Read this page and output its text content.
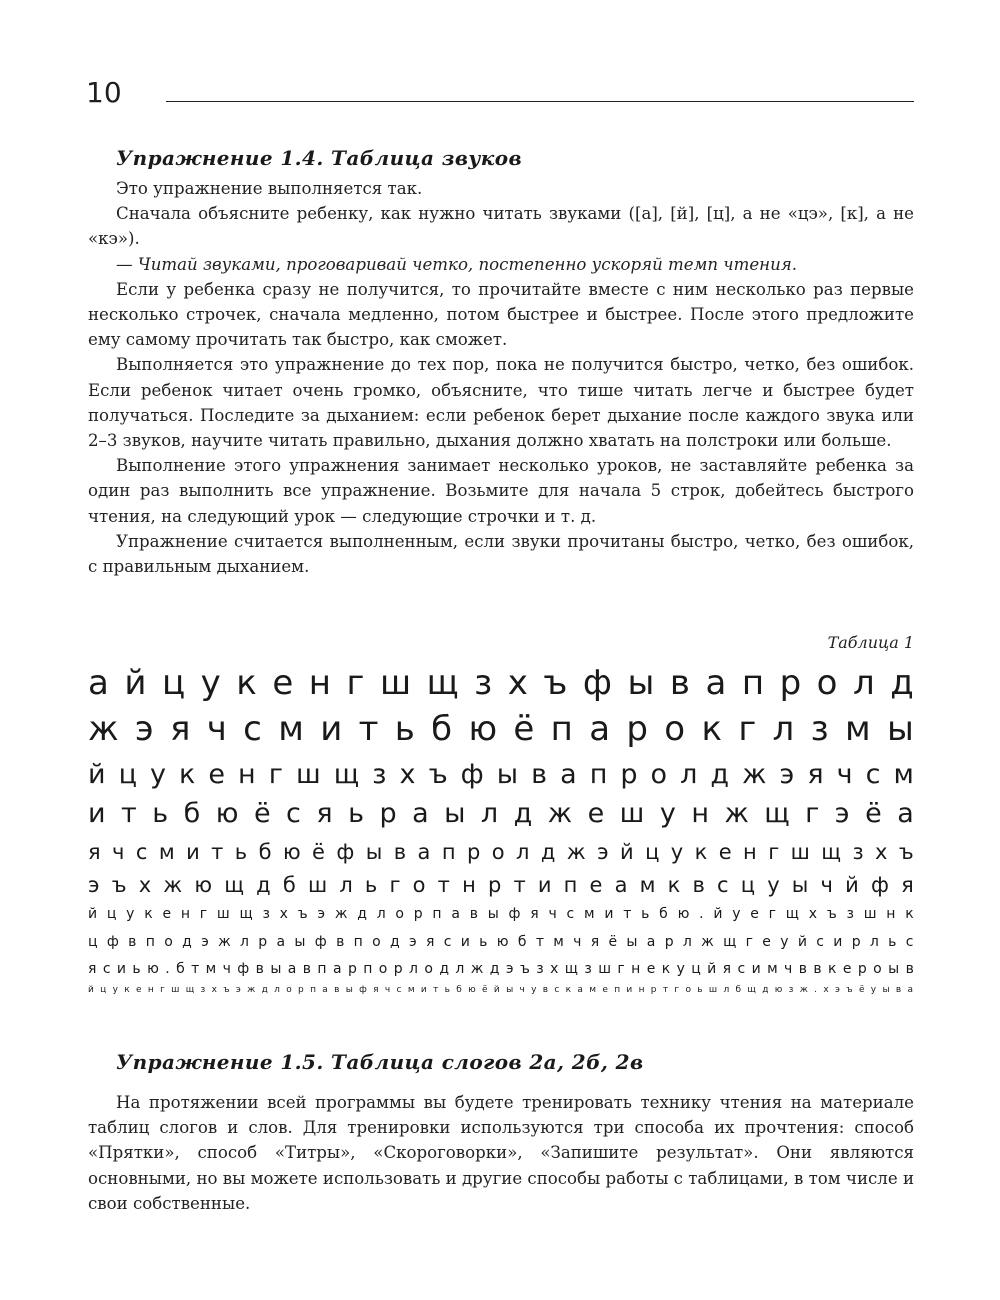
10
Упражнение 1.4. Таблица звуков

Это упражнение выполняется так.

Сначала объясните ребенку, как нужно читать звуками ([а], [й], [ц], а не «цэ», [к], а не «кэ»).

— Читай звуками, проговаривай четко, постепенно ускоряй темп чтения.

Если у ребенка сразу не получится, то прочитайте вместе с ним несколько раз первые несколько строчек, сначала медленно, потом быстрее и быстрее. После этого предложите ему самому прочитать так быстро, как сможет.

Выполняется это упражнение до тех пор, пока не получится быстро, четко, без ошибок. Если ребенок читает очень громко, объясните, что тише читать легче и быстрее будет получаться. Последите за дыханием: если ребенок берет дыхание после каждого звука или 2–3 звуков, научите читать правильно, дыхания должно хватать на полстроки или больше.

Выполнение этого упражнения занимает несколько уроков, не заставляйте ребенка за один раз выполнить все упражнение. Возьмите для начала 5 строк, добейтесь быстрого чтения, на следующий урок — следующие строчки и т. д.

Упражнение считается выполненным, если звуки прочитаны быстро, четко, без ошибок, с правильным дыханием.

Таблица 1
а й ц у к е н г ш щ з х ъ ф ы в а п р о л д
ж э я ч с м и т ь б ю ё п а р о к г л з м ы
й ц у к е н г ш щ з х ъ ф ы в а п р о л д ж э я ч с м
и т ь б ю ё с я ь р а ы л д ж е ш у н ж щ г э ё а
я ч с м и т ь б ю ё ф ы в а п р о л д ж э й ц у к е н г ш щ з х ъ
э ъ х ж ю щ д б ш л ь г о т н р т и п е а м к в с ц у ы ч й ф я
й ц у к е н г ш щ з х ъ э ж д л о р п а в ы ф я ч с м и т ь б ю . й у е г щ х ъ з ш н к
ц ф в п о д э ж л р а ы ф в п о д э я с и ь ю б т м ч я ё ы а р л ж щ г е у й с и р л ь с
я с и ь ю . б т м ч ф в ы а в п а р п о р л о д л ж д э ъ з х щ з ш г н е к у ц й я с и м ч в в к е р о ы в
й ц у к е н г ш щ з х ъ э ж д л о р п а в ы ф я ч с м и т ь б ю ё й ы ч у в с к а м е п и н р т г о ь ш л б щ д ю з ж . х э ъ ё у ы в а
Упражнение 1.5. Таблица слогов 2а, 2б, 2в

На протяжении всей программы вы будете тренировать технику чтения на материале таблиц слогов и слов. Для тренировки используются три способа их прочтения: способ «Прятки», способ «Титры», «Скороговорки», «Запишите результат». Они являются основными, но вы можете использовать и другие способы работы с таблицами, в том числе и свои собственные.
